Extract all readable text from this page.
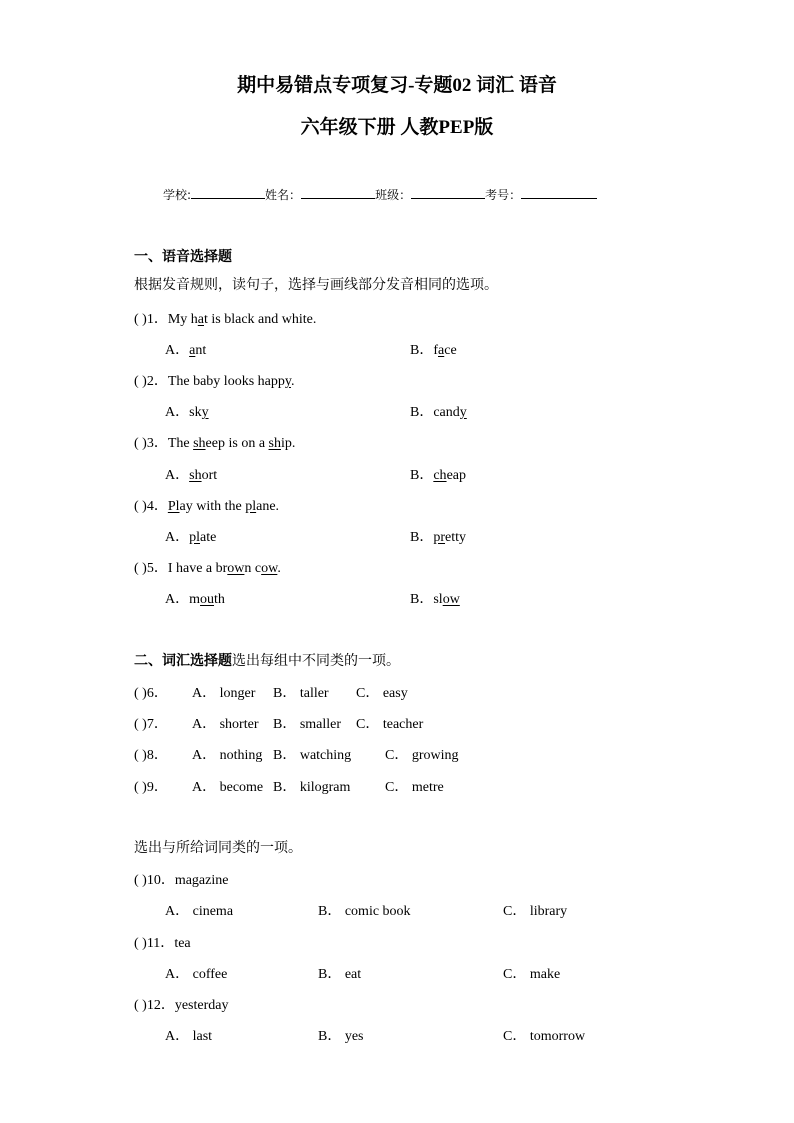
期中易错点专项复习-专题02 词汇 语音
六年级下册 人教PEP版
学校:	姓名：	班级：	考号：
一、语音选择题
根据发音规则，读句子，选择与画线部分发音相同的选项。
( )1．My hat is black and white.
A．ant	B．face
( )2．The baby looks happy.
A．sky	B．candy
( )3．The sheep is on a ship.
A．short	B．cheap
( )4．Play with the plane.
A．plate	B．pretty
( )5．I have a brown cow.
A．mouth	B．slow
二、词汇选择题选出每组中不同类的一项。
( )6． A． longer B． taller C． easy
( )7． A． shorter B． smaller C． teacher
( )8． A． nothing B． watching C． growing
( )9． A． become B． kilogram C． metre
选出与所给词同类的一项。
( )10．magazine
A． cinema	B． comic book	C． library
( )11．tea
A． coffee	B． eat	C． make
( )12．yesterday
A． last	B． yes	C． tomorrow
